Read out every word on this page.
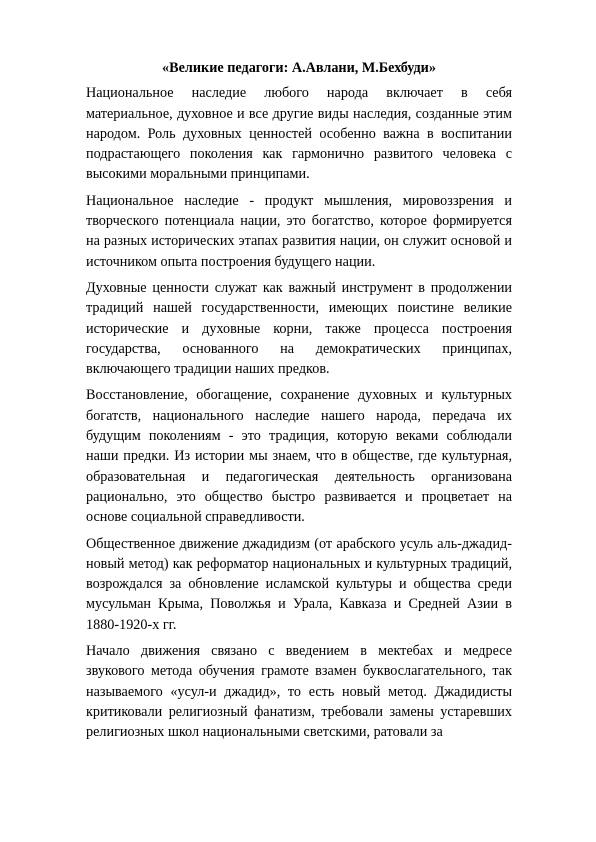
«Великие педагоги: А.Авлани, М.Бехбуди»

Национальное наследие любого народа включает в себя материальное, духовное и все другие виды наследия, созданные этим народом. Роль духовных ценностей особенно важна в воспитании подрастающего поколения как гармонично развитого человека с высокими моральными принципами.

Национальное наследие - продукт мышления, мировоззрения и творческого потенциала нации, это богатство, которое формируется на разных исторических этапах развития нации, он служит основой и источником опыта построения будущего нации.

Духовные ценности служат как важный инструмент в продолжении традиций нашей государственности, имеющих поистине великие исторические и духовные корни, также процесса построения государства, основанного на демократических принципах, включающего традиции наших предков.

Восстановление, обогащение, сохранение духовных и культурных богатств, национального наследие нашего народа, передача их будущим поколениям - это традиция, которую веками соблюдали наши предки. Из истории мы знаем, что в обществе, где культурная, образовательная и педагогическая деятельность организована рационально, это общество быстро развивается и процветает на основе социальной справедливости.

Общественное движение джадидизм (от арабского усуль аль-джадид- новый метод) как реформатор национальных и культурных традиций, возрождался за обновление исламской культуры и общества среди мусульман Крыма, Поволжья и Урала, Кавказа и Средней Азии в 1880-1920-х гг.

Начало движения связано с введением в мектебах и медресе звукового метода обучения грамоте взамен буквослагательного, так называемого «усул-и джадид», то есть новый метод. Джадидисты критиковали религиозный фанатизм, требовали замены устаревших религиозных школ национальными светскими, ратовали за
